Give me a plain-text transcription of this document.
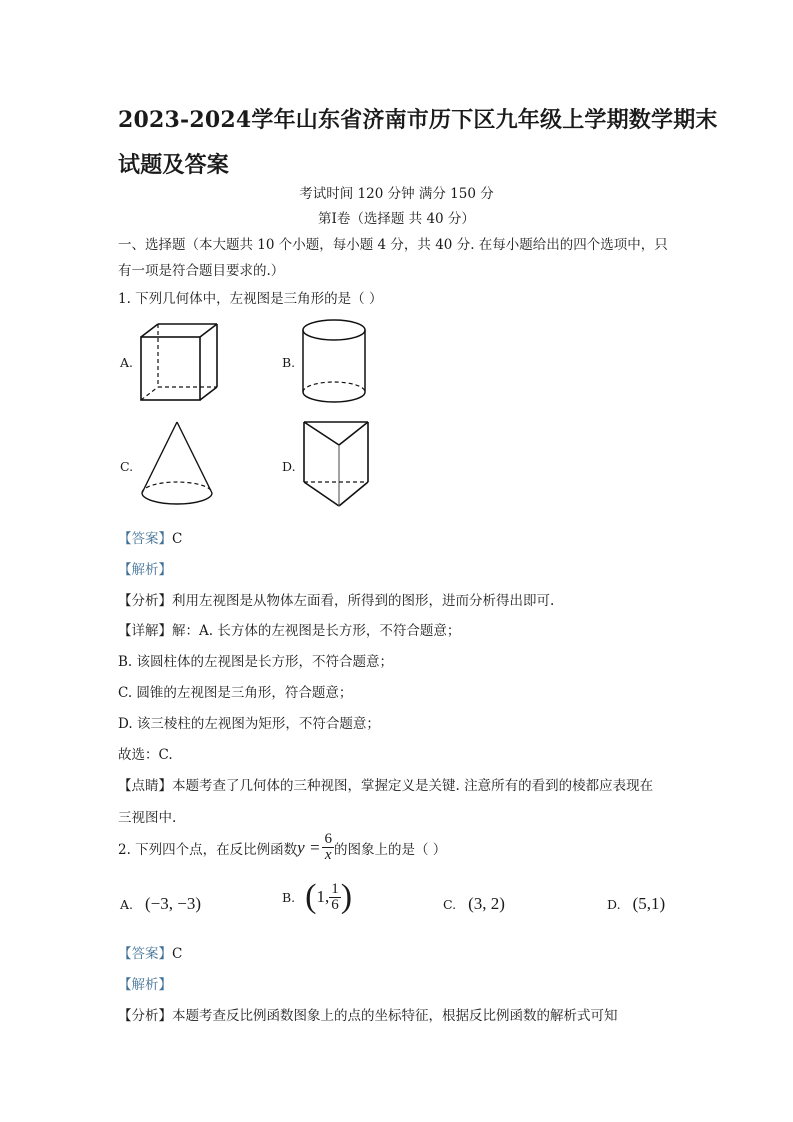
2023-2024学年山东省济南市历下区九年级上学期数学期末
试题及答案
考试时间 120 分钟 满分 150 分
第Ⅰ卷（选择题 共 40 分）
一、选择题（本大题共 10 个小题，每小题 4 分，共 40 分. 在每小题给出的四个选项中，只
有一项是符合题目要求的.）
1. 下列几何体中，左视图是三角形的是（ ）
A.	B.
C.	D.
【答案】C
【解析】
【分析】利用左视图是从物体左面看，所得到的图形，进而分析得出即可.
【详解】解：A. 长方体的左视图是长方形，不符合题意；
B. 该圆柱体的左视图是长方形，不符合题意；
C. 圆锥的左视图是三角形，符合题意；
D. 该三棱柱的左视图为矩形，不符合题意；
故选：C.
【点睛】本题考查了几何体的三种视图，掌握定义是关键. 注意所有的看到的棱都应表现在
三视图中.
2. 下列四个点，在反比例函数 $y = \frac{6}{x}$ 的图象上的是（ ）
A. (−3, −3)	B. ( 1, $\frac{1}{6}$ )	C. (3, 2)	D. (5,1)
【答案】C
【解析】
【分析】本题考查反比例函数图象上的点的坐标特征，根据反比例函数的解析式可知
